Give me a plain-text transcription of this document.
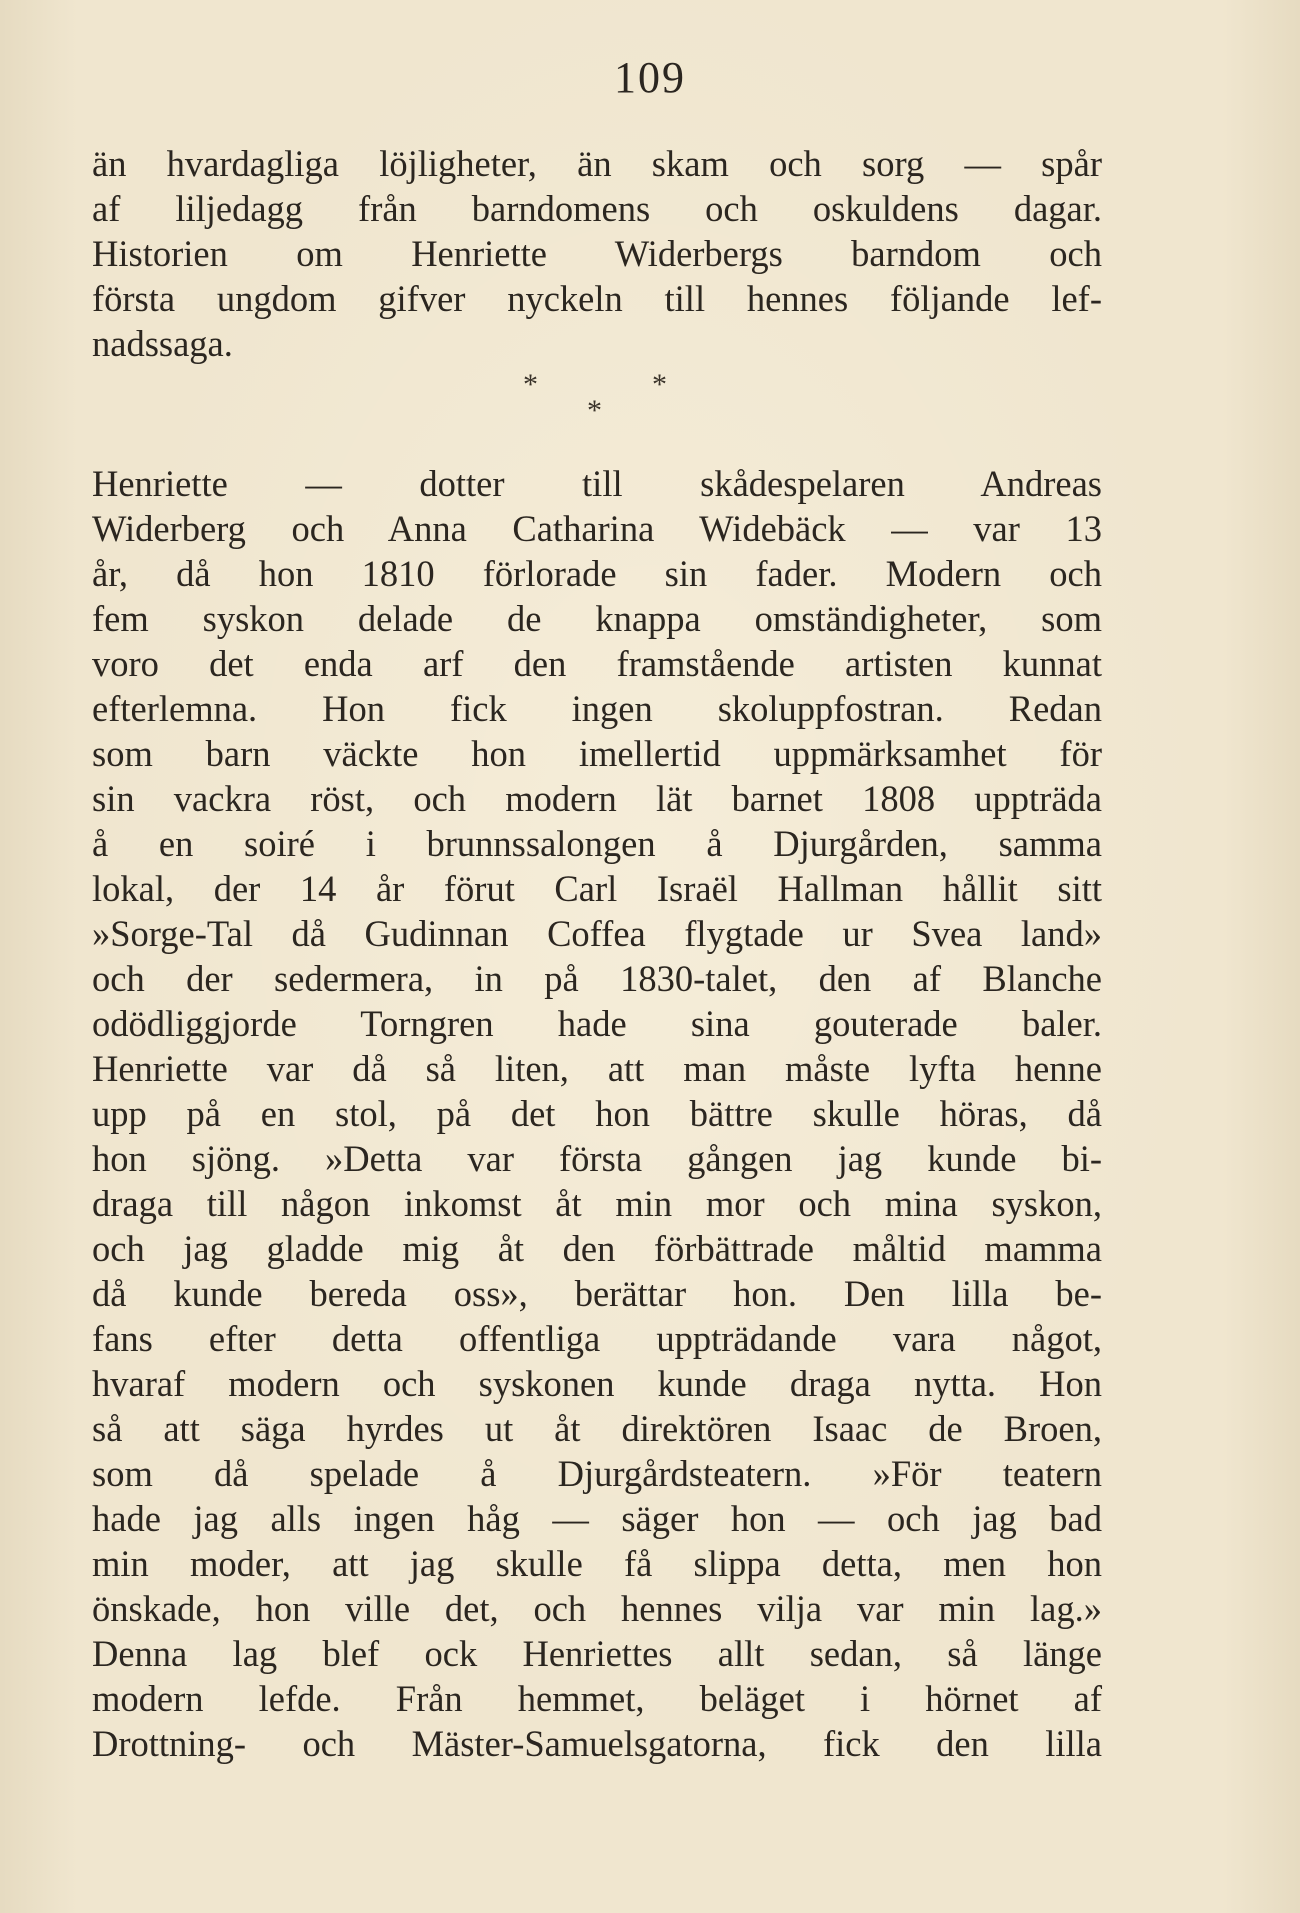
109
än hvardagliga löjligheter, än skam och sorg — spår
af liljedagg från barndomens och oskuldens dagar.
Historien om Henriette Widerbergs barndom och
första ungdom gifver nyckeln till hennes följande lef-
nadssaga.
*	*
*
Henriette — dotter till skådespelaren Andreas
Widerberg och Anna Catharina Widebäck — var 13
år, då hon 1810 förlorade sin fader. Modern och
fem syskon delade de knappa omständigheter, som
voro det enda arf den framstående artisten kunnat
efterlemna. Hon fick ingen skoluppfostran. Redan
som barn väckte hon imellertid uppmärksamhet för
sin vackra röst, och modern lät barnet 1808 uppträda
å en soiré i brunnssalongen å Djurgården, samma
lokal, der 14 år förut Carl Israël Hallman hållit sitt
»Sorge-Tal då Gudinnan Coffea flygtade ur Svea land»
och der sedermera, in på 1830-talet, den af Blanche
odödliggjorde Torngren hade sina gouterade baler.
Henriette var då så liten, att man måste lyfta henne
upp på en stol, på det hon bättre skulle höras, då
hon sjöng. »Detta var första gången jag kunde bi-
draga till någon inkomst åt min mor och mina syskon,
och jag gladde mig åt den förbättrade måltid mamma
då kunde bereda oss», berättar hon. Den lilla be-
fans efter detta offentliga uppträdande vara något,
hvaraf modern och syskonen kunde draga nytta. Hon
så att säga hyrdes ut åt direktören Isaac de Broen,
som då spelade å Djurgårdsteatern. »För teatern
hade jag alls ingen håg — säger hon — och jag bad
min moder, att jag skulle få slippa detta, men hon
önskade, hon ville det, och hennes vilja var min lag.»
Denna lag blef ock Henriettes allt sedan, så länge
modern lefde. Från hemmet, beläget i hörnet af
Drottning- och Mäster-Samuelsgatorna, fick den lilla
